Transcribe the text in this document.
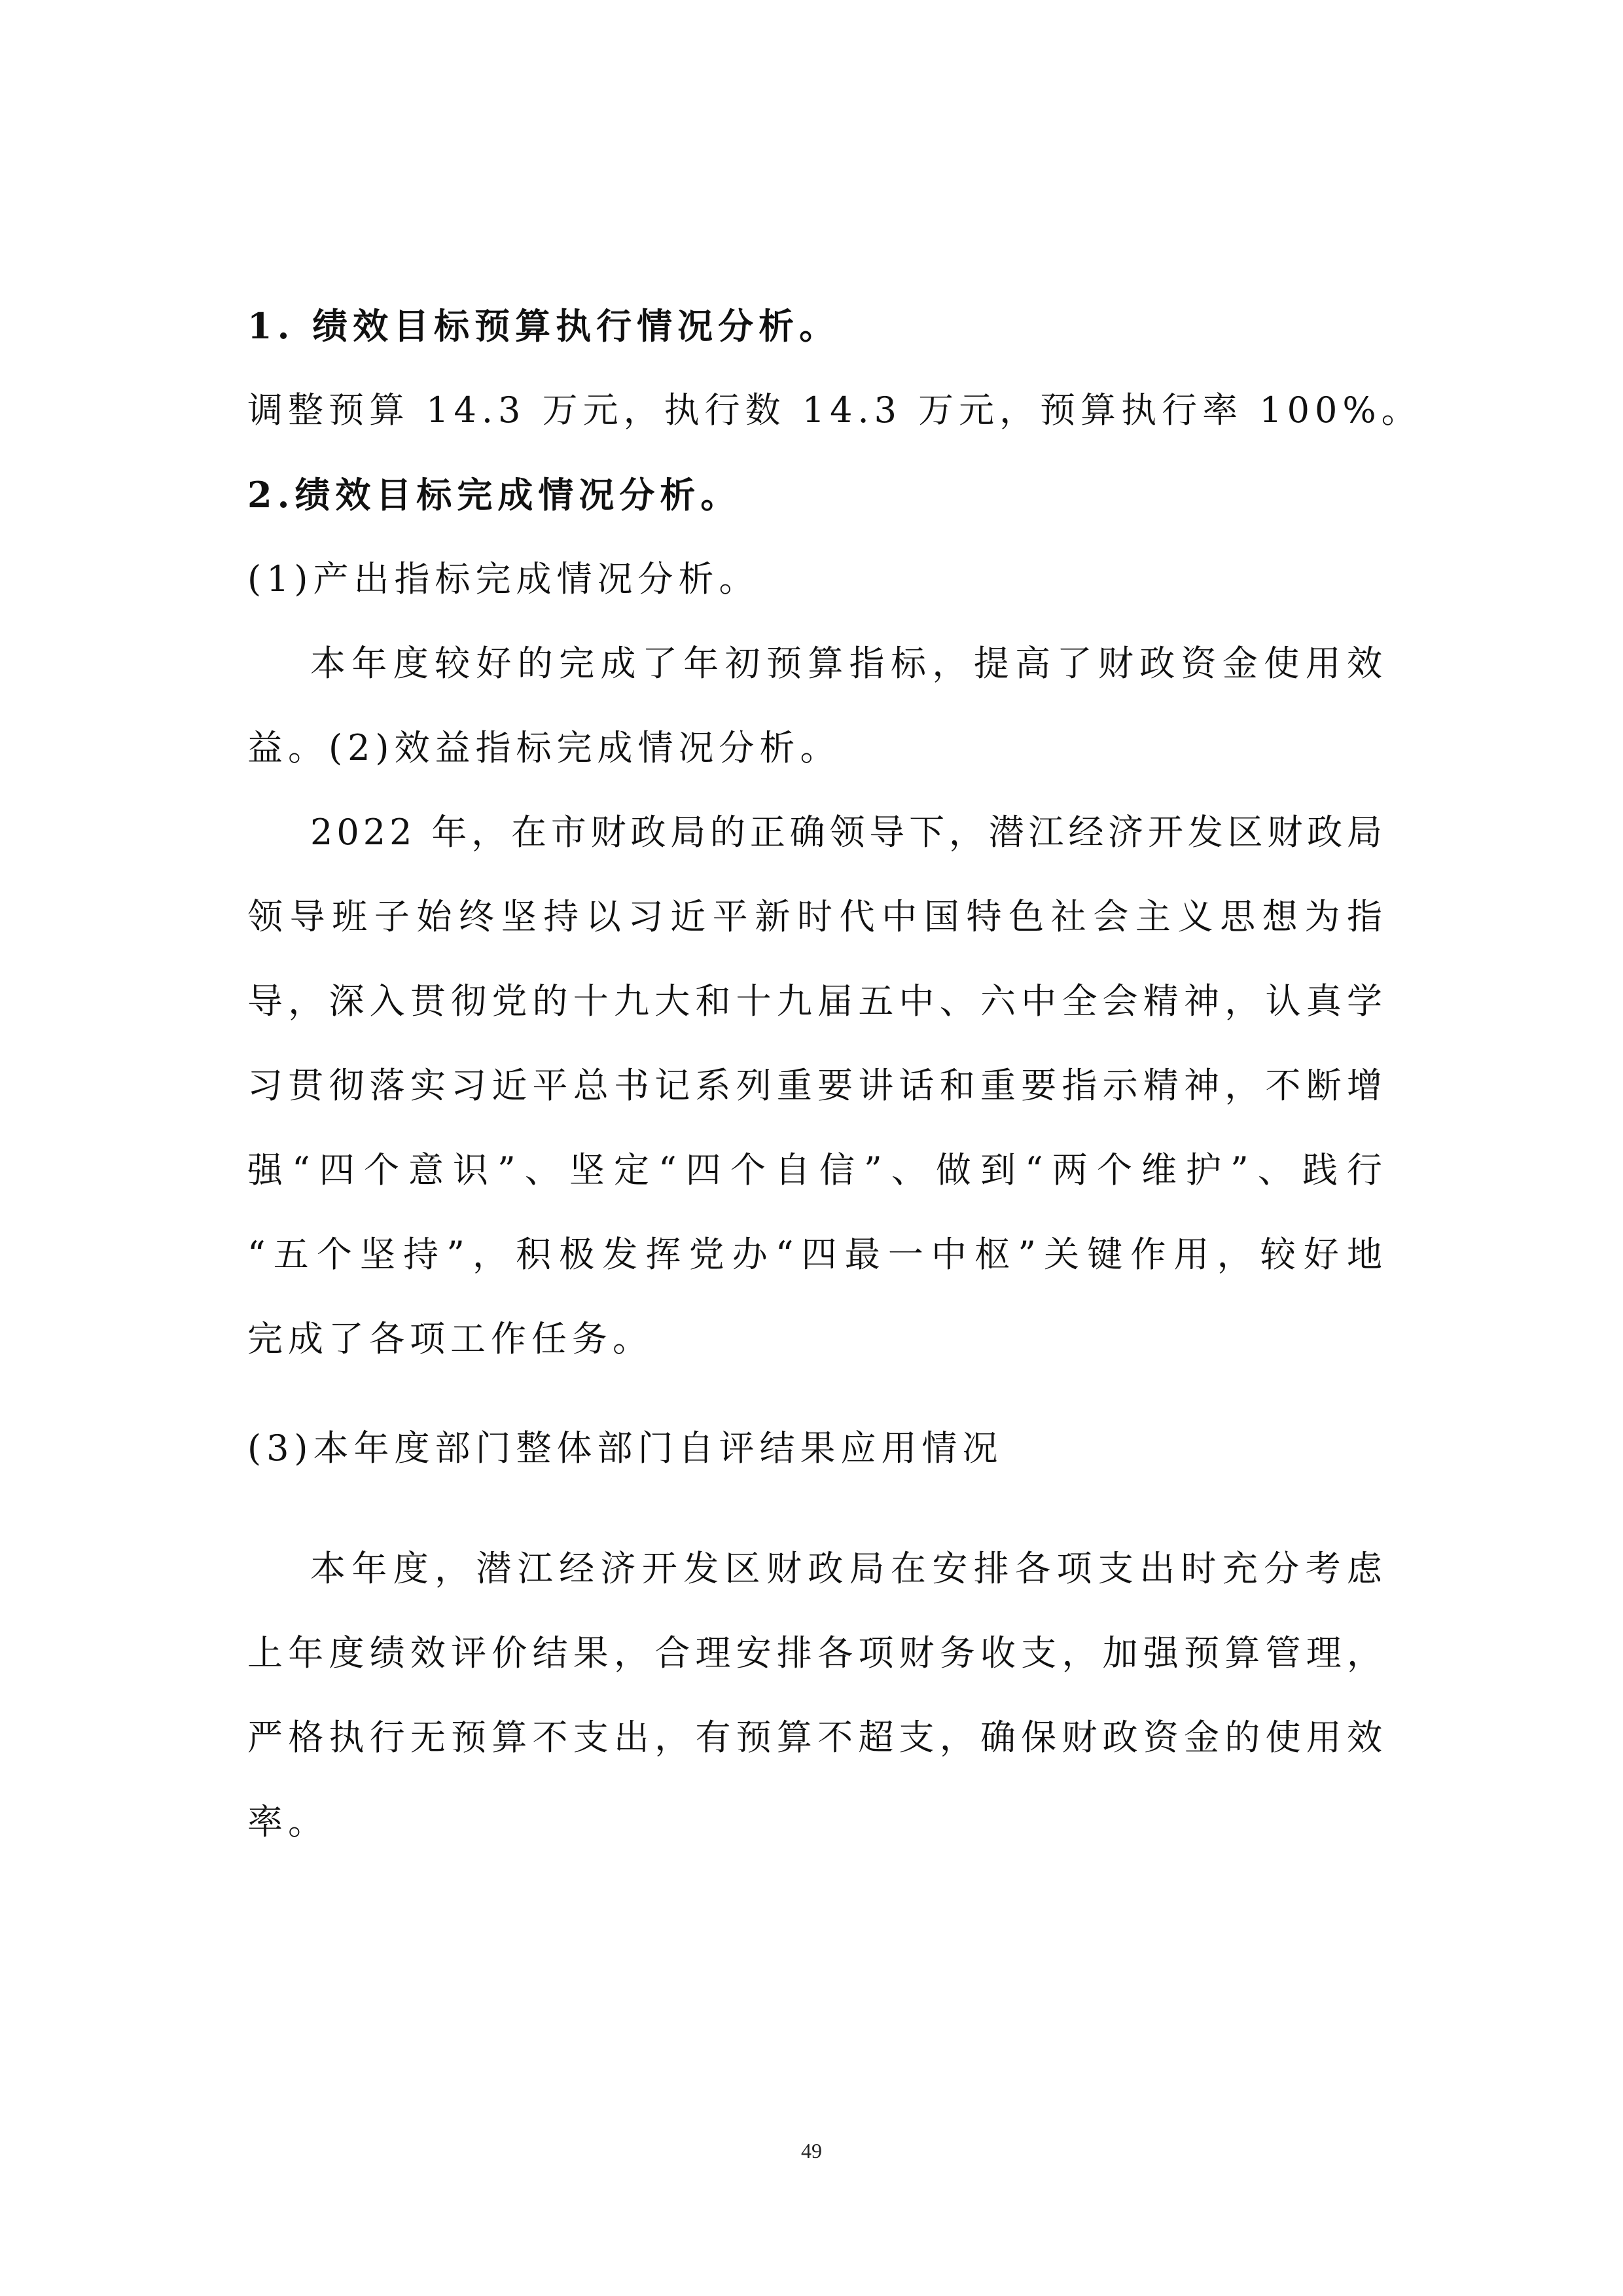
1. 绩效目标预算执行情况分析。
调整预算 14.3 万元，执行数 14.3 万元，预算执行率 100%。
2.绩效目标完成情况分析。
(1)产出指标完成情况分析。
本年度较好的完成了年初预算指标，提高了财政资金使用效
益。(2)效益指标完成情况分析。
2022 年，在市财政局的正确领导下，潜江经济开发区财政局
领导班子始终坚持以习近平新时代中国特色社会主义思想为指
导，深入贯彻党的十九大和十九届五中、六中全会精神，认真学
习贯彻落实习近平总书记系列重要讲话和重要指示精神，不断增
强“四个意识”、坚定“四个自信”、做到“两个维护”、践行
“五个坚持”，积极发挥党办“四最一中枢”关键作用，较好地
完成了各项工作任务。
(3)本年度部门整体部门自评结果应用情况
本年度，潜江经济开发区财政局在安排各项支出时充分考虑
上年度绩效评价结果，合理安排各项财务收支，加强预算管理，
严格执行无预算不支出，有预算不超支，确保财政资金的使用效
率。
49
